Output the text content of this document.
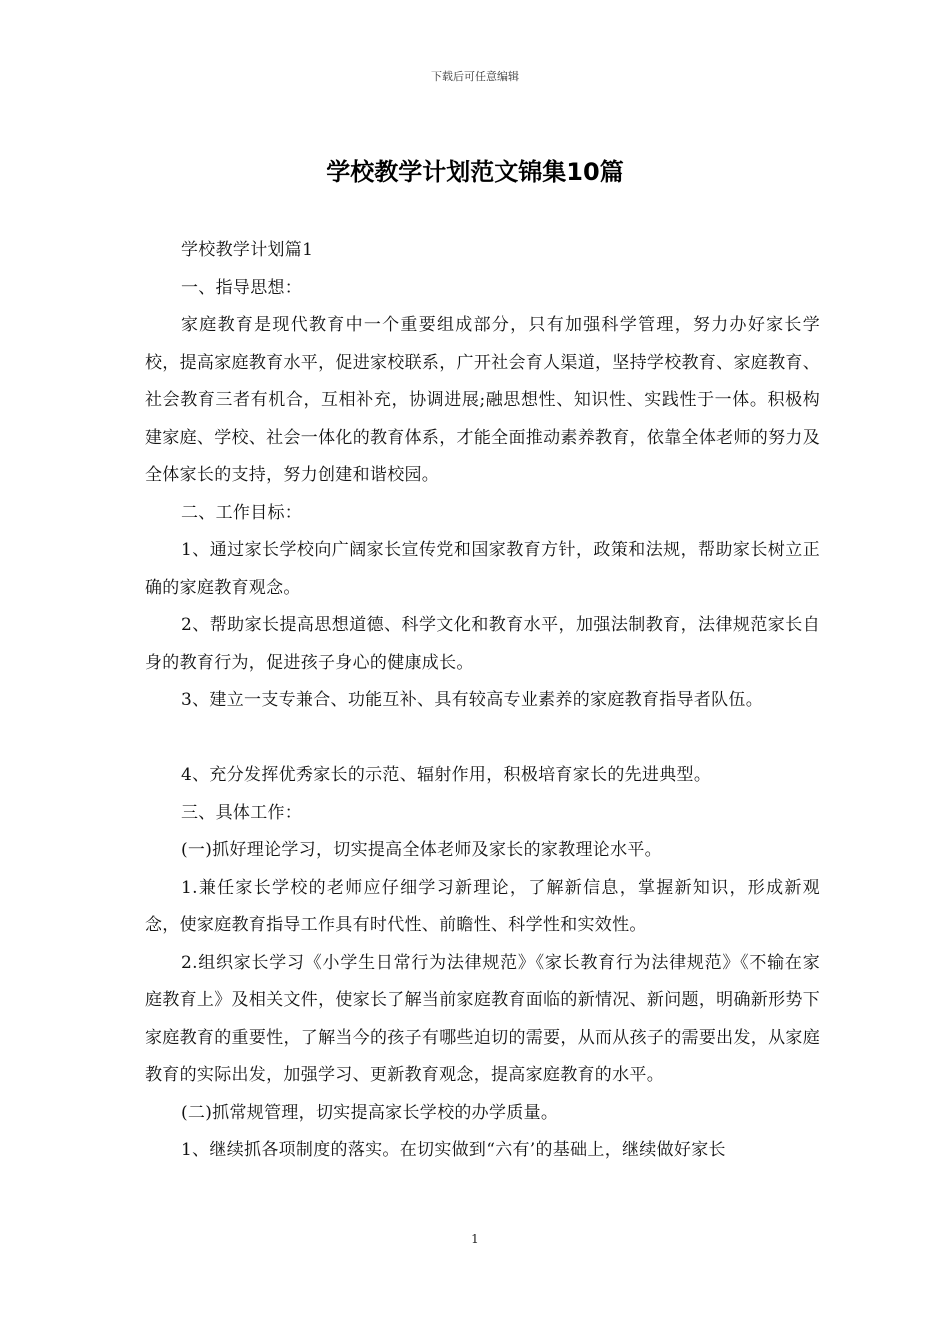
下载后可任意编辑
学校教学计划范文锦集10篇

学校教学计划篇1

一、指导思想：

家庭教育是现代教育中一个重要组成部分，只有加强科学管理，努力办好家长学校，提高家庭教育水平，促进家校联系，广开社会育人渠道，坚持学校教育、家庭教育、社会教育三者有机合，互相补充，协调进展;融思想性、知识性、实践性于一体。积极构建家庭、学校、社会一体化的教育体系，才能全面推动素养教育，依靠全体老师的努力及全体家长的支持，努力创建和谐校园。

二、工作目标：

1、通过家长学校向广阔家长宣传党和国家教育方针，政策和法规，帮助家长树立正确的家庭教育观念。

2、帮助家长提高思想道德、科学文化和教育水平，加强法制教育，法律规范家长自身的教育行为，促进孩子身心的健康成长。

3、建立一支专兼合、功能互补、具有较高专业素养的家庭教育指导者队伍。

4、充分发挥优秀家长的示范、辐射作用，积极培育家长的先进典型。

三、具体工作：

(一)抓好理论学习，切实提高全体老师及家长的家教理论水平。

1.兼任家长学校的老师应仔细学习新理论，了解新信息，掌握新知识，形成新观念，使家庭教育指导工作具有时代性、前瞻性、科学性和实效性。

2.组织家长学习《小学生日常行为法律规范》《家长教育行为法律规范》《不输在家庭教育上》及相关文件，使家长了解当前家庭教育面临的新情况、新问题，明确新形势下家庭教育的重要性，了解当今的孩子有哪些迫切的需要，从而从孩子的需要出发，从家庭教育的实际出发，加强学习、更新教育观念，提高家庭教育的水平。

(二)抓常规管理，切实提高家长学校的办学质量。

1、继续抓各项制度的落实。在切实做到“六有’的基础上，继续做好家长

1
